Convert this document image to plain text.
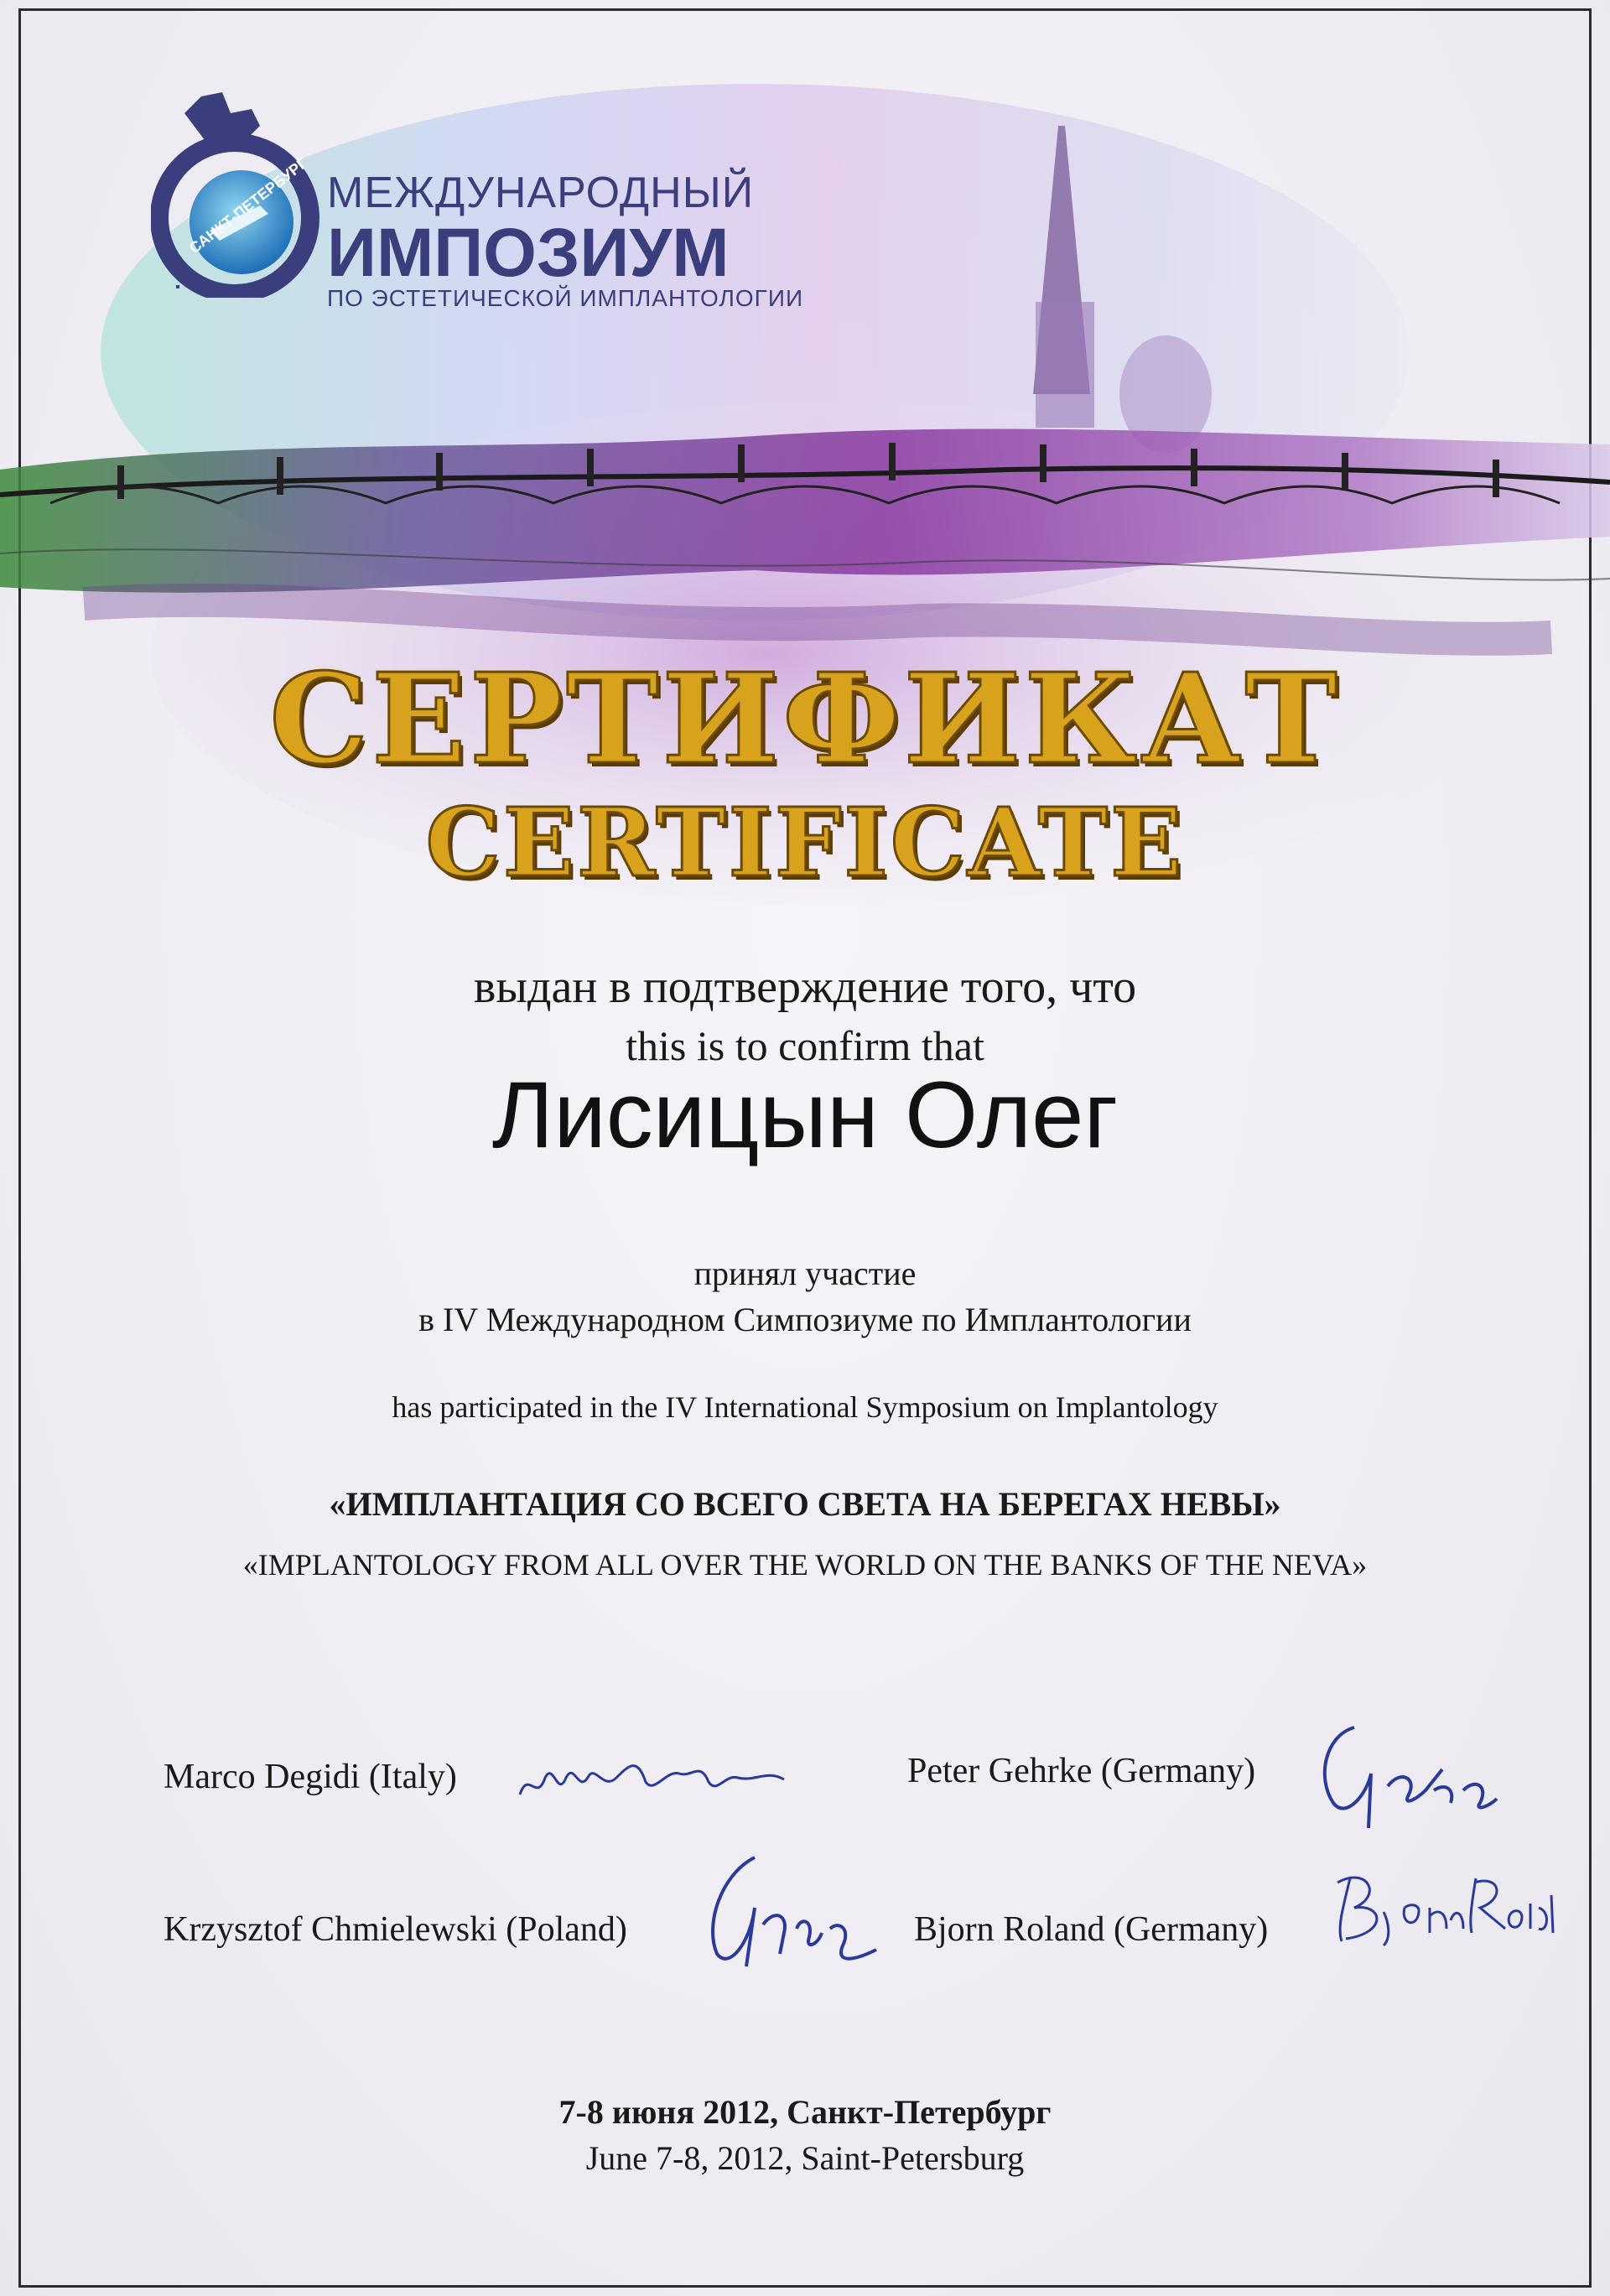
САНКТ-ПЕТЕРБУРГ МЕЖДУНАРОДНЫЙ
ИМПОЗИУМ
ПО ЭСТЕТИЧЕСКОЙ ИМПЛАНТОЛОГИИ
СЕРТИФИКАТ
CERTIFICATE
выдан в подтверждение того, что
this is to confirm that
Лисицын Олег
принял участие
в IV Международном Симпозиуме по Имплантологии
has participated in the IV International Symposium on Implantology
«ИМПЛАНТАЦИЯ СО ВСЕГО СВЕТА НА БЕРЕГАХ НЕВЫ»
«IMPLANTOLOGY FROM ALL OVER THE WORLD ON THE BANKS OF THE NEVA»
Marco Degidi (Italy)	Peter Gehrke (Germany)
Krzysztof Chmielewski (Poland)	Bjorn Roland (Germany)
7-8 июня 2012, Санкт-Петербург
June 7-8, 2012, Saint-Petersburg
